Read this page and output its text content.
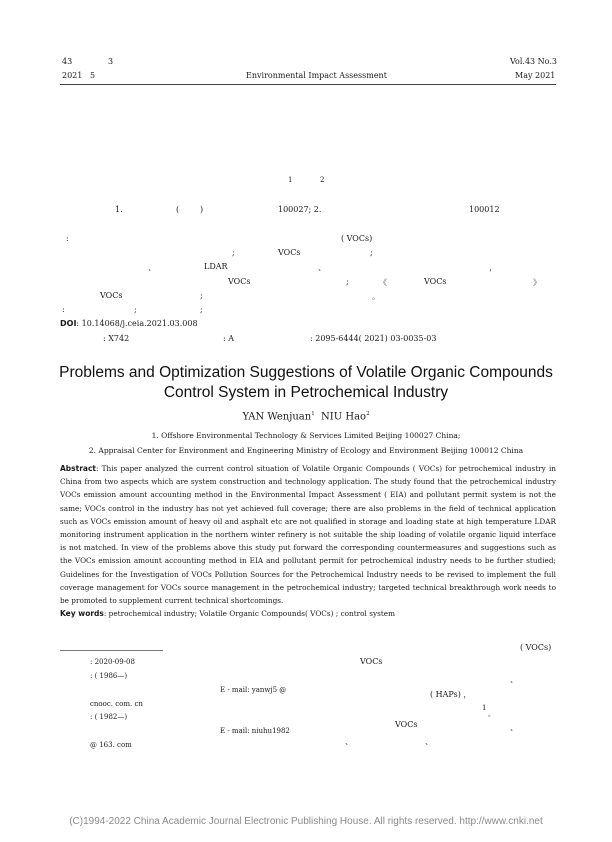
43	3
2021 5	Environmental Impact Assessment
Vol.43 No.3
May 2021
1	2
1.	(	)	100027; 2.	100012
:	( VOCs)
;	VOCs	;
、	LDAR	、	，
VOCs	;	《	VOCs	》
VOCs	;	。
:	;	;
DOI: 10.14068/j.ceia.2021.03.008
: X742	: A	: 2095-6444( 2021) 03-0035-03
Problems and Optimization Suggestions of Volatile Organic Compounds
Control System in Petrochemical Industry
YAN Wenjuan$^1$ NIU Hao$^2$
1. Offshore Environmental Technology & Services Limited Beijing 100027 China;
2. Appraisal Center for Environment and Engineering Ministry of Ecology and Environment Beijing 100012 China
Abstract: This paper analyzed the current control situation of Volatile Organic Compounds ( VOCs) for petrochemical industry in China from two aspects which are system construction and technology application. The study found that the petrochemical industry VOCs emission amount accounting method in the Environmental Impact Assessment ( EIA) and pollutant permit system is not the same; VOCs control in the industry has not yet achieved full coverage; there are also problems in the field of technical application such as VOCs emission amount of heavy oil and asphalt etc are not qualified in storage and loading state at high temperature LDAR monitoring instrument application in the northern winter refinery is not suitable the ship loading of volatile organic liquid interface is not matched. In view of the problems above this study put forward the corresponding countermeasures and suggestions such as the VOCs emission amount accounting method in EIA and pollutant permit for petrochemical industry needs to be further studied; Guidelines for the Investigation of VOCs Pollution Sources for the Petrochemical Industry needs to be revised to implement the full coverage management for VOCs source management in the petrochemical industry; targeted technical breakthrough work needs to be promoted to supplement current technical shortcomings.
Key words: petrochemical industry; Volatile Organic Compounds( VOCs) ; control system
: 2020-09-08
: ( 1986—)
E - mail: yanwj5 @
cnooc. com. cn
: ( 1982—)
E - mail: niuhu1982
@ 163. com
( VOCs)
VOCs
、
( HAPs) ，
1
。
VOCs	、
、	、
(C)1994-2022 China Academic Journal Electronic Publishing House. All rights reserved. http://www.cnki.net
